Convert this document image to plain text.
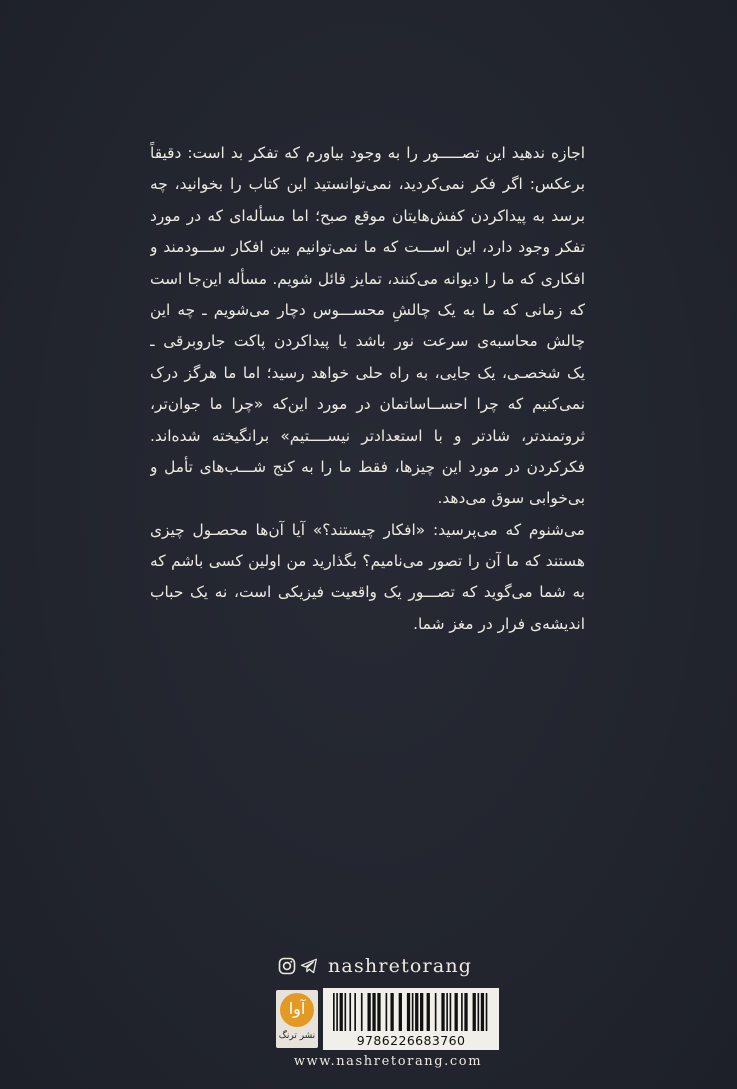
اجازه ندهید این تصـــــور را به وجود بیاورم که تفکر بد است: دقیقاً
برعکس: اگر فکر نمی‌کردید، نمی‌توانستید این کتاب را بخوانید، چه
برسد به پیداکردن کفش‌هایتان موقع صبح؛ اما مسأله‌ای که در مورد
تفکر وجود دارد، این اســـت که ما نمی‌توانیم بین افکار ســـودمند و
افکاری که ما را دیوانه می‌کنند، تمایز قائل شویم. مسأله این‌جا است
که زمانی که ما به یک چالشِ محســـوس دچار می‌شویم ـ چه این
چالش محاسبه‌ی سرعت نور باشد یا پیداکردن پاکت جاروبرقی ـ
یک شخصـی، یک جایی، به راه حلی خواهد رسید؛ اما ما هرگز درک
نمی‌کنیم که چرا احســاساتمان در مورد این‌که «چرا ما جوان‌تر،
ثروتمندتر، شادتر و با استعدادتر نیســــتیم» برانگیخته شده‌اند.
فکرکردن در مورد این چیزها، فقط ما را به کنج شـــب‌های تأمل و
بی‌خوابی سوق می‌دهد.
می‌شنوم که می‌پرسید: «افکار چیستند؟» آیا آن‌ها محصـول چیزی
هستند که ما آن را تصور می‌نامیم؟ بگذارید من اولین کسی باشم که
به شما می‌گوید که تصـــور یک واقعیت فیزیکی است، نه یک حباب
اندیشه‌ی فرار در مغز شما.
nashretorang
آوا
نشر ترنگ	9786226683760
www.nashretorang.com
